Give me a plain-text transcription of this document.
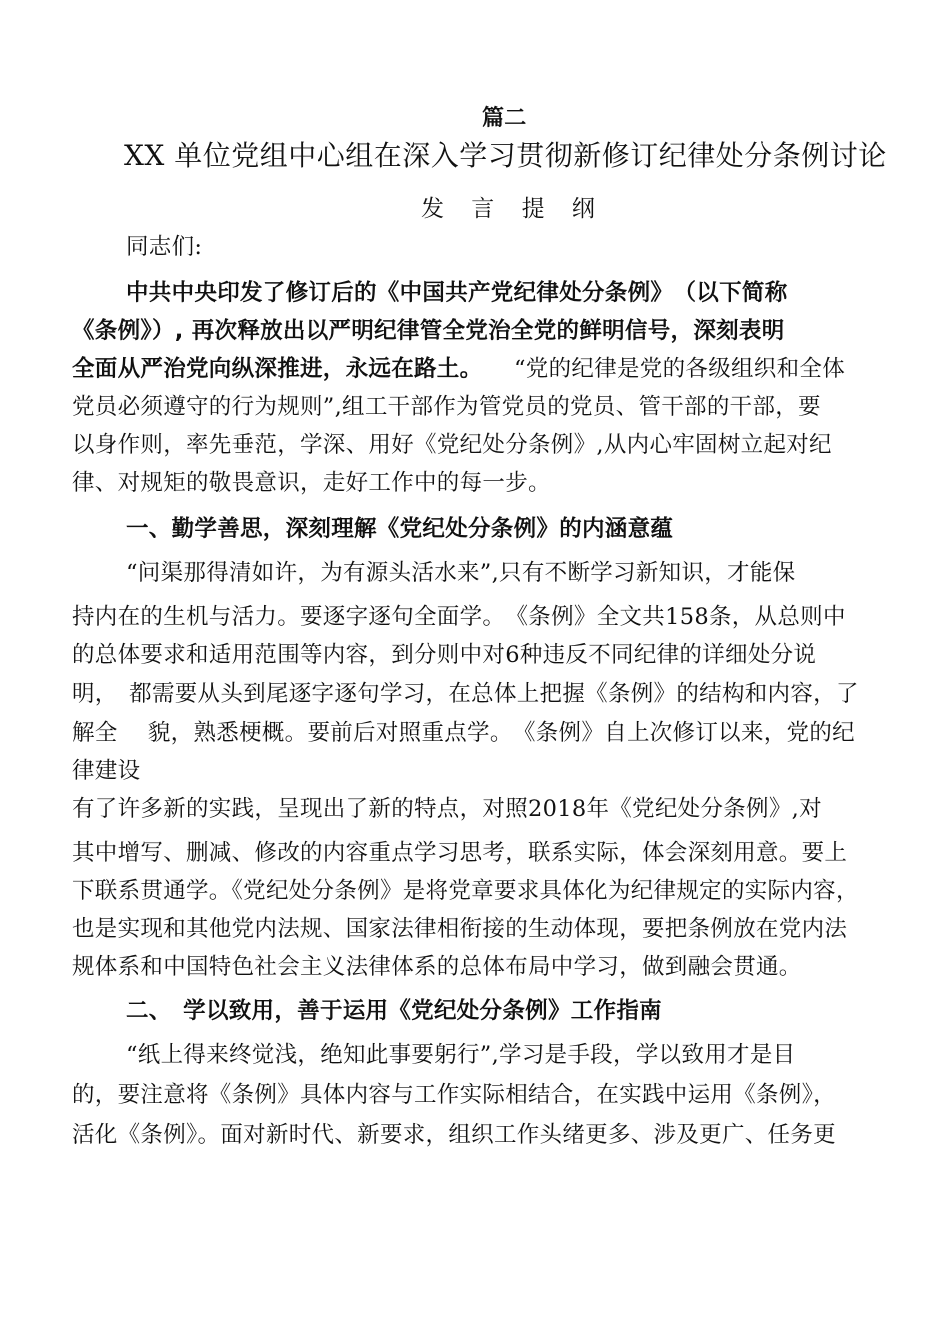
篇二
XX 单位党组中心组在深入学习贯彻新修订纪律处分条例讨论
发 言 提 纲
同志们:
中共中央印发了修订后的《中国共产党纪律处分条例》　（以下简称
《条例》）, 再次释放出以严明纪律管全党治全党的鲜明信号，深刻表明
全面从严治党向纵深推进，永远在路土。 “党的纪律是党的各级组织和全体
党员必须遵守的行为规则”,组工干部作为管党员的党员、管干部的干部，要
以身作则，率先垂范，学深、用好《党纪处分条例》,从内心牢固树立起对纪
律、对规矩的敬畏意识，走好工作中的每一步。
一、勤学善思，深刻理解《党纪处分条例》的内涵意蕴
“问渠那得清如许，为有源头活水来”,只有不断学习新知识，才能保
持内在的生机与活力。要逐字逐句全面学。　《条例》全文共158条，从总则中
的总体要求和适用范围等内容，到分则中对6种违反不同纪律的详细处分说
明，　都需要从头到尾逐字逐句学习，在总体上把握《条例》的结构和内容，了
解全　 貌，熟悉梗概。要前后对照重点学。　《条例》自上次修订以来，党的纪
律建设
有了许多新的实践，呈现出了新的特点，对照2018年《党纪处分条例》,对
其中增写、删减、修改的内容重点学习思考，联系实际，体会深刻用意。要上
下联系贯通学。《党纪处分条例》是将党章要求具体化为纪律规定的实际内容，
也是实现和其他党内法规、国家法律相衔接的生动体现，要把条例放在党内法
规体系和中国特色社会主义法律体系的总体布局中学习，做到融会贯通。
二、　学以致用，善于运用《党纪处分条例》工作指南
“纸上得来终觉浅，绝知此事要躬行”,学习是手段，学以致用才是目
的，要注意将《条例》具体内容与工作实际相结合，在实践中运用《条例》，
活化《条例》。面对新时代、新要求，组织工作头绪更多、涉及更广、任务更
